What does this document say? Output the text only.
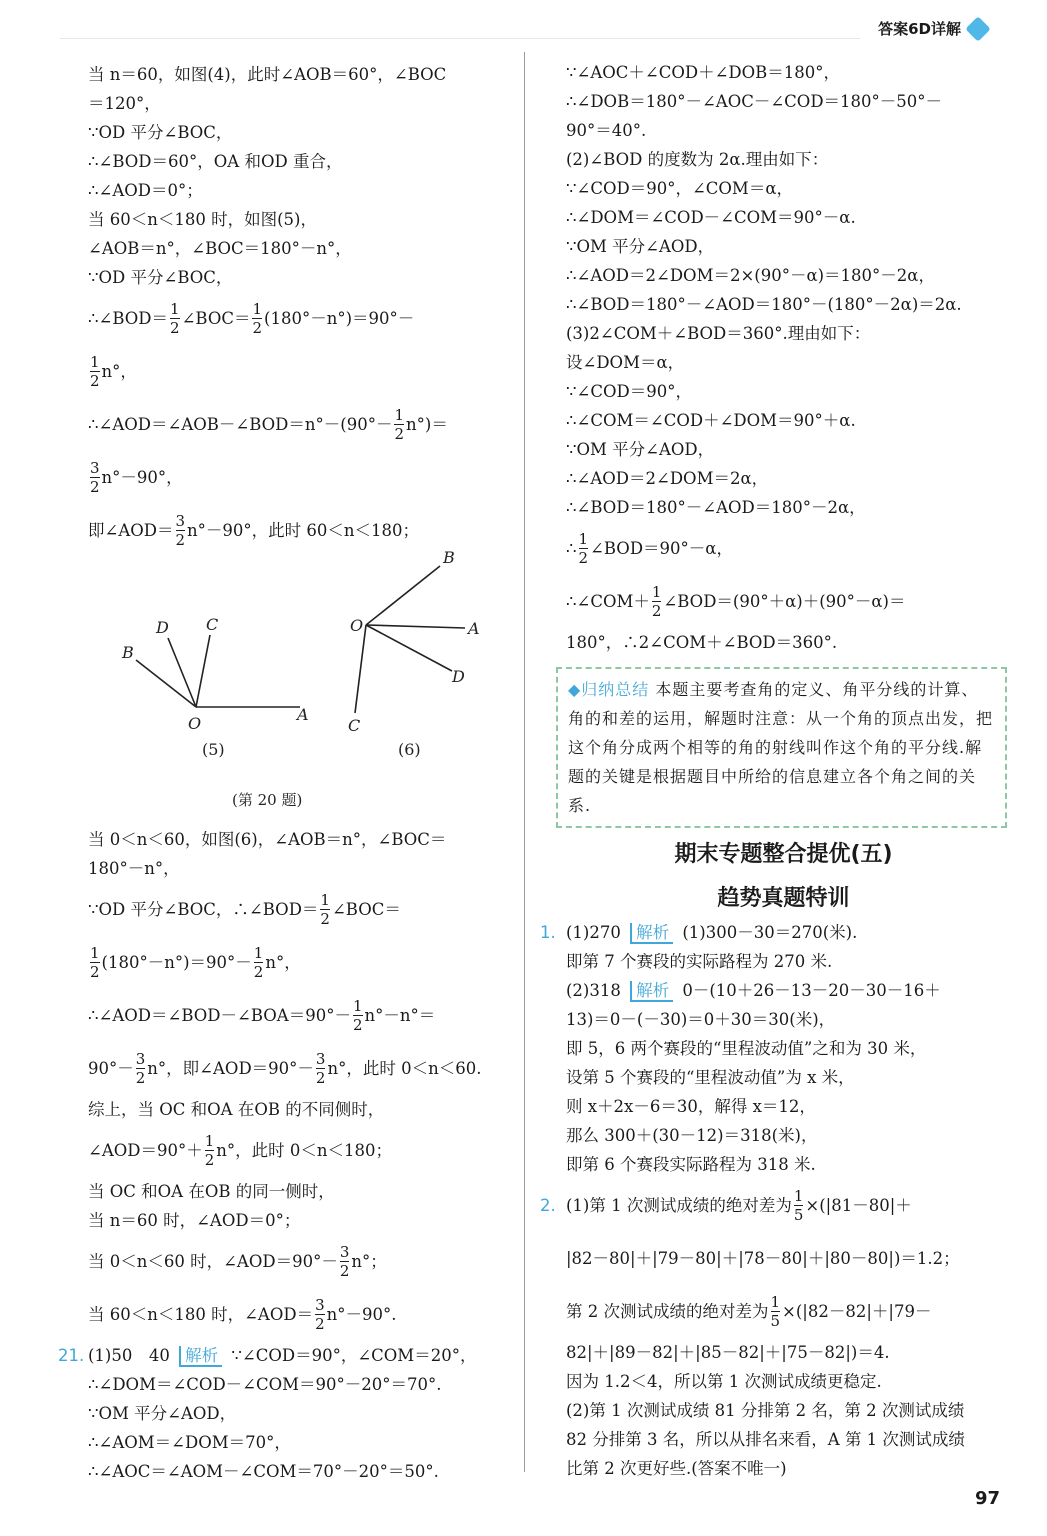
答案6D详解
当 n＝60，如图(4)，此时∠AOB＝60°，∠BOC
＝120°，
∵OD 平分∠BOC，
∴∠BOD＝60°，OA 和OD 重合，
∴∠AOD＝0°；
当 60＜n＜180 时，如图(5)，
∠AOB＝n°，∠BOC＝180°－n°，
∵OD 平分∠BOC，
∴∠BOD＝ $\frac{1}{2}$ ∠BOC＝ $\frac{1}{2} (180^\circ-n^\circ)=90^\circ-$
$\frac{1}{2} n^\circ$，
∴∠AOD＝∠AOB－∠BOD＝n°－(90°－ $\frac{1}{2} n^\circ)=$
$\frac{3}{2} n^\circ-90^\circ$，
即∠AOD＝ $\frac{3}{2} n^\circ-90^\circ$，此时 60＜n＜180；
当 0＜n＜60，如图(6)，∠AOB＝n°，∠BOC＝
180°－n°，
∵OD 平分∠BOC，∴∠BOD＝ $\frac{1}{2}$ ∠BOC＝
$\frac{1}{2} (180^\circ-n^\circ)=90^\circ- \frac{1}{2} n^\circ$，
∴∠AOD＝∠BOD－∠BOA＝90°－ $\frac{1}{2} n^\circ-n^\circ=$
$90^\circ- \frac{3}{2} n^\circ$，即∠AOD＝90°－ $\frac{3}{2} n^\circ$，此时 0＜n＜60.
综上，当 OC 和OA 在OB 的不同侧时，
∠AOD＝90°＋ $\frac{1}{2} n^\circ$，此时 0＜n＜180；
当 OC 和OA 在OB 的同一侧时，
当 n＝60 时，∠AOD＝0°；
当 0＜n＜60 时，∠AOD＝90°－ $\frac{3}{2} n^\circ$；
当 60＜n＜180 时，∠AOD＝ $\frac{3}{2} n^\circ-90^\circ$.
21. (1)50　40 解析 ∵∠COD＝90°，∠COM＝20°，
∴∠DOM＝∠COD－∠COM＝90°－20°＝70°.
∵OM 平分∠AOD，
∴∠AOM＝∠DOM＝70°，
∴∠AOC＝∠AOM－∠COM＝70°－20°＝50°.
B
D C
O	A
(5)
B
O	A
D
C
(6)
(第 20 题)
∵∠AOC＋∠COD＋∠DOB＝180°，
∴∠DOB＝180°－∠AOC－∠COD＝180°－50°－
90°＝40°.
(2)∠BOD 的度数为 2α.理由如下：
∵∠COD＝90°，∠COM＝α，
∴∠DOM＝∠COD－∠COM＝90°－α.
∵OM 平分∠AOD，
∴∠AOD＝2∠DOM＝2×(90°－α)＝180°－2α，
∴∠BOD＝180°－∠AOD＝180°－(180°－2α)＝2α.
(3)2∠COM＋∠BOD＝360°.理由如下：
设∠DOM＝α，
∵∠COD＝90°，
∴∠COM＝∠COD＋∠DOM＝90°＋α.
∵OM 平分∠AOD，
∴∠AOD＝2∠DOM＝2α，
∴∠BOD＝180°－∠AOD＝180°－2α，
∴ $\frac{1}{2}$ ∠BOD＝90°－α，
∴∠COM＋ $\frac{1}{2}$ ∠BOD＝(90°＋α)＋(90°－α)＝
180°，∴2∠COM＋∠BOD＝360°.
◆归纳总结 本题主要考查角的定义、角平分线的计算、角的和差的运用，解题时注意：从一个角的顶点出发，把这个角分成两个相等的角的射线叫作这个角的平分线.解题的关键是根据题目中所给的信息建立各个角之间的关系.
期末专题整合提优(五)
趋势真题特训
1. (1)270 解析 (1)300－30＝270(米).
即第 7 个赛段的实际路程为 270 米.
(2)318 解析 0－(10＋26－13－20－30－16＋
13)＝0－(－30)＝0＋30＝30(米)，
即 5，6 两个赛段的“里程波动值”之和为 30 米，
设第 5 个赛段的“里程波动值”为 x 米，
则 x＋2x－6＝30，解得 x＝12，
那么 300＋(30－12)＝318(米)，
即第 6 个赛段实际路程为 318 米.
2. (1)第 1 次测试成绩的绝对差为 $\frac{1}{5} \times(|81-80|+$
|82－80|＋|79－80|＋|78－80|＋|80－80|)＝1.2；
第 2 次测试成绩的绝对差为 $\frac{1}{5} \times(|82-82|+|79-$
82|＋|89－82|＋|85－82|＋|75－82|)＝4.
因为 1.2＜4，所以第 1 次测试成绩更稳定.
(2)第 1 次测试成绩 81 分排第 2 名，第 2 次测试成绩
82 分排第 3 名，所以从排名来看，A 第 1 次测试成绩
比第 2 次更好些.(答案不唯一)
97
